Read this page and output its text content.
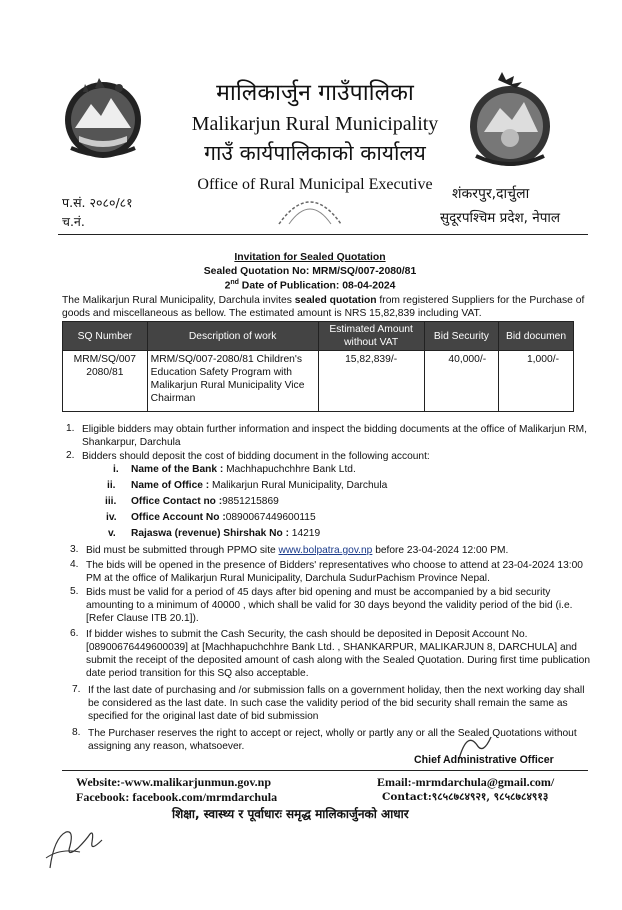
मालिकार्जुन गाउँपालिका
Malikarjun Rural Municipality
गाउँ कार्यपालिकाको कार्यालय
Office of Rural Municipal Executive
प.सं. २०८०/८१
च.नं.
शंकरपुर,दार्चुला
सुदूरपश्चिम प्रदेश, नेपाल
Invitation for Sealed Quotation
Sealed Quotation No: MRM/SQ/007-2080/81
2nd Date of Publication: 08-04-2024
The Malikarjun Rural Municipality, Darchula invites sealed quotation from registered Suppliers for the Purchase of goods and miscellaneous as bellow. The estimated amount is NRS 15,82,839 including VAT.
SQ Number	Description of work	Estimated Amount without VAT	Bid Security	Bid documen
MRM/SQ/007 2080/81	MRM/SQ/007-2080/81 Children's Education Safety Program with Malikarjun Rural Municipality Vice Chairman	15,82,839/-	40,000/-	1,000/-
1. Eligible bidders may obtain further information and inspect the bidding documents at the office of Malikarjun RM, Shankarpur, Darchula
2. Bidders should deposit the cost of bidding document in the following account:
i. Name of the Bank : Machhapuchchhre Bank Ltd.
ii. Name of Office : Malikarjun Rural Municipality, Darchula
iii. Office Contact no :9851215869
iv. Office Account No :0890067449600115
v. Rajaswa (revenue) Shirshak No : 14219
3. Bid must be submitted through PPMO site www.bolpatra.gov.np before 23-04-2024 12:00 PM.
4. The bids will be opened in the presence of Bidders' representatives who choose to attend at 23-04-2024 13:00 PM at the office of Malikarjun Rural Municipality, Darchula SudurPachism Province Nepal.
5. Bids must be valid for a period of 45 days after bid opening and must be accompanied by a bid security amounting to a minimum of 40000 , which shall be valid for 30 days beyond the validity period of the bid (i.e. [Refer Clause ITB 20.1]).
6. If bidder wishes to submit the Cash Security, the cash should be deposited in Deposit Account No.[08900676449600039] at [Machhapuchchhre Bank Ltd. , SHANKARPUR, MALIKARJUN 8, DARCHULA] and submit the receipt of the deposited amount of cash along with the Sealed Quotation. During first time publication date period transition for this SQ also acceptable.
7. If the last date of purchasing and /or submission falls on a government holiday, then the next working day shall be considered as the last date. In such case the validity period of the bid security shall remain the same as specified for the original last date of bid submission
8. The Purchaser reserves the right to accept or reject, wholly or partly any or all the Sealed Quotations without assigning any reason, whatsoever.
Chief Administrative Officer
Website:-www.malikarjunmun.gov.np
Facebook: facebook.com/mrmdarchula
Email:-mrmdarchula@gmail.com/
Contact:९८५८७८४९२१, ९८५८७८४९१३
शिक्षा, स्वास्थ्य र पूर्वाधारः समृद्ध मालिकार्जुनको आधार
